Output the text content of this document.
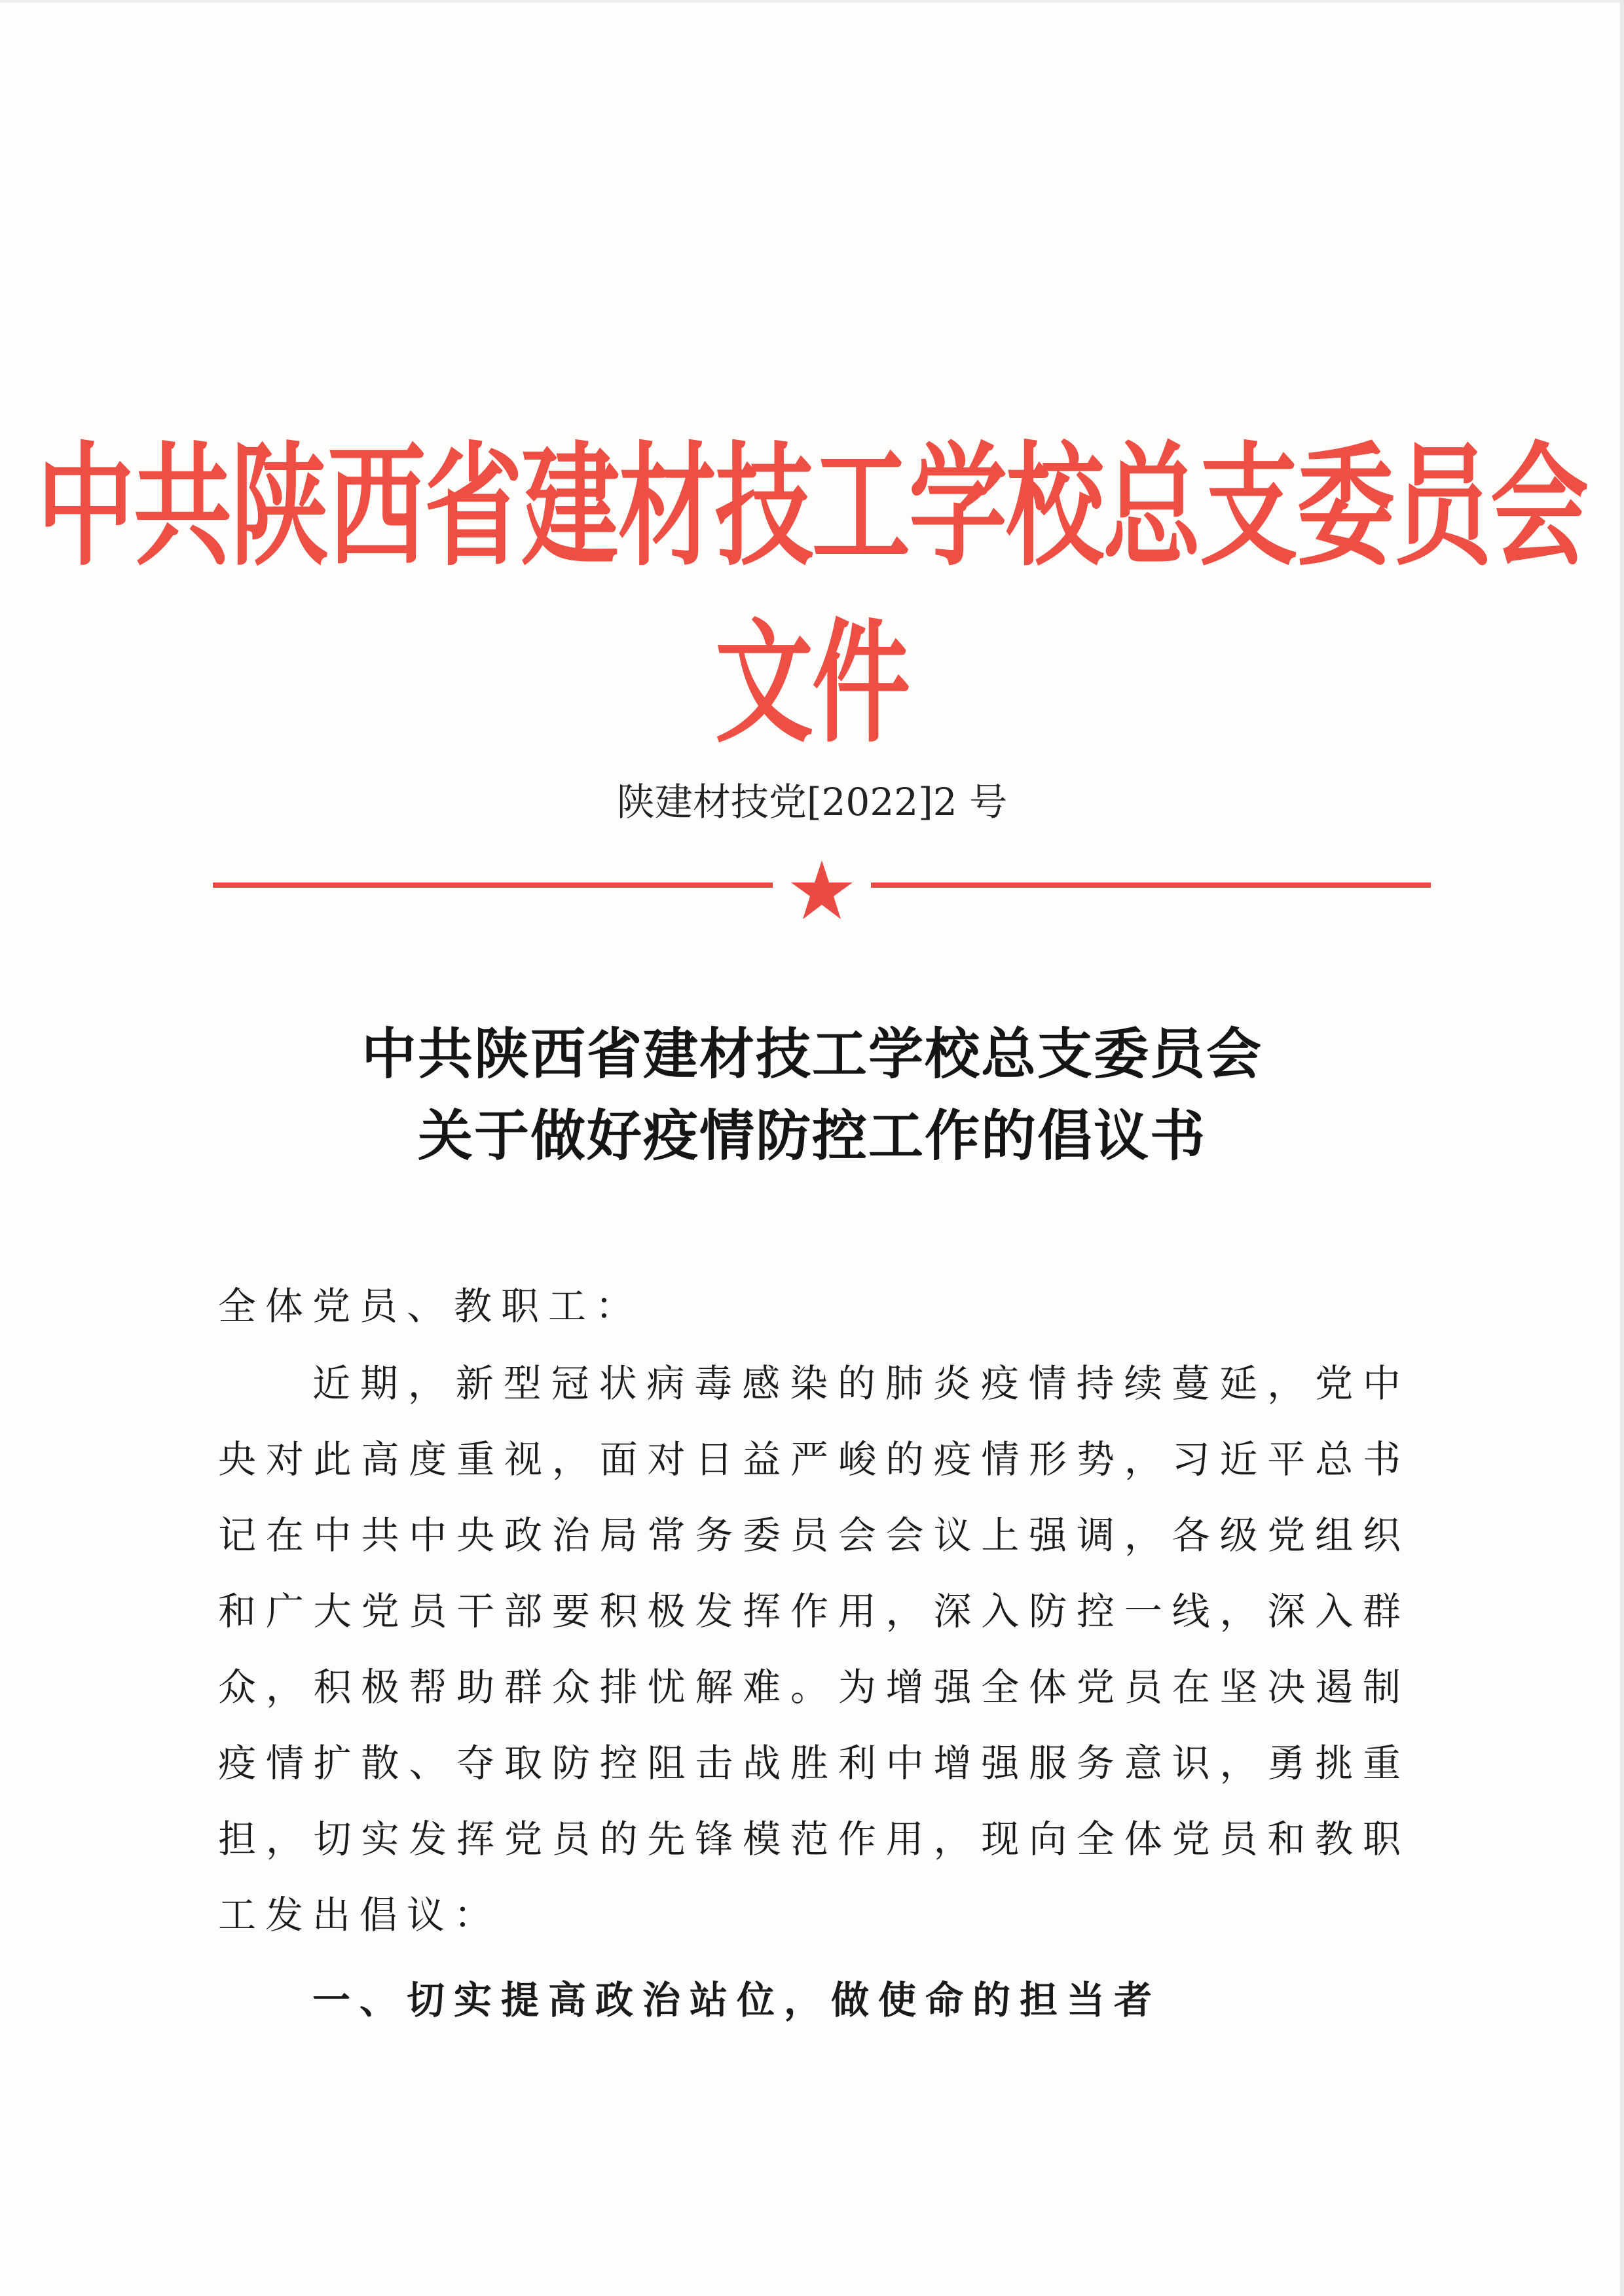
中共陕西省建材技工学校总支委员会文件
陕建材技党[2022]2 号
中共陕西省建材技工学校总支委员会
关于做好疫情防控工作的倡议书
全体党员、教职工：
近期，新型冠状病毒感染的肺炎疫情持续蔓延，党中央对此高度重视，面对日益严峻的疫情形势，习近平总书记在中共中央政治局常务委员会会议上强调，各级党组织和广大党员干部要积极发挥作用，深入防控一线，深入群众，积极帮助群众排忧解难。为增强全体党员在坚决遏制疫情扩散、夺取防控阻击战胜利中增强服务意识，勇挑重担，切实发挥党员的先锋模范作用，现向全体党员和教职工发出倡议：
一、切实提高政治站位，做使命的担当者
